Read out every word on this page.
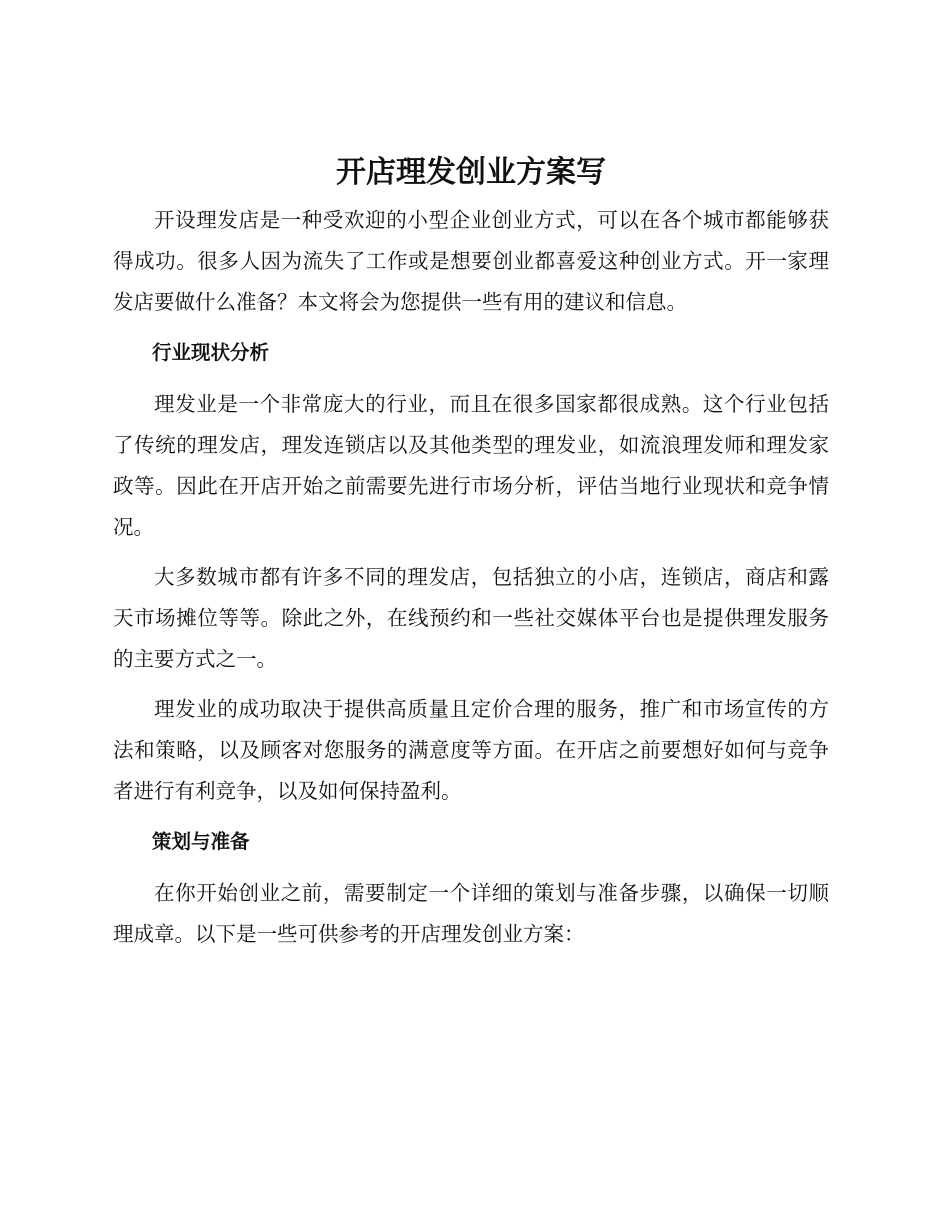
开店理发创业方案写

开设理发店是一种受欢迎的小型企业创业方式，可以在各个城市都能够获得成功。很多人因为流失了工作或是想要创业都喜爱这种创业方式。开一家理发店要做什么准备？本文将会为您提供一些有用的建议和信息。

行业现状分析

理发业是一个非常庞大的行业，而且在很多国家都很成熟。这个行业包括了传统的理发店，理发连锁店以及其他类型的理发业，如流浪理发师和理发家政等。因此在开店开始之前需要先进行市场分析，评估当地行业现状和竞争情况。

大多数城市都有许多不同的理发店，包括独立的小店，连锁店，商店和露天市场摊位等等。除此之外，在线预约和一些社交媒体平台也是提供理发服务的主要方式之一。

理发业的成功取决于提供高质量且定价合理的服务，推广和市场宣传的方法和策略，以及顾客对您服务的满意度等方面。在开店之前要想好如何与竞争者进行有利竞争，以及如何保持盈利。

策划与准备

在你开始创业之前，需要制定一个详细的策划与准备步骤，以确保一切顺理成章。以下是一些可供参考的开店理发创业方案：
